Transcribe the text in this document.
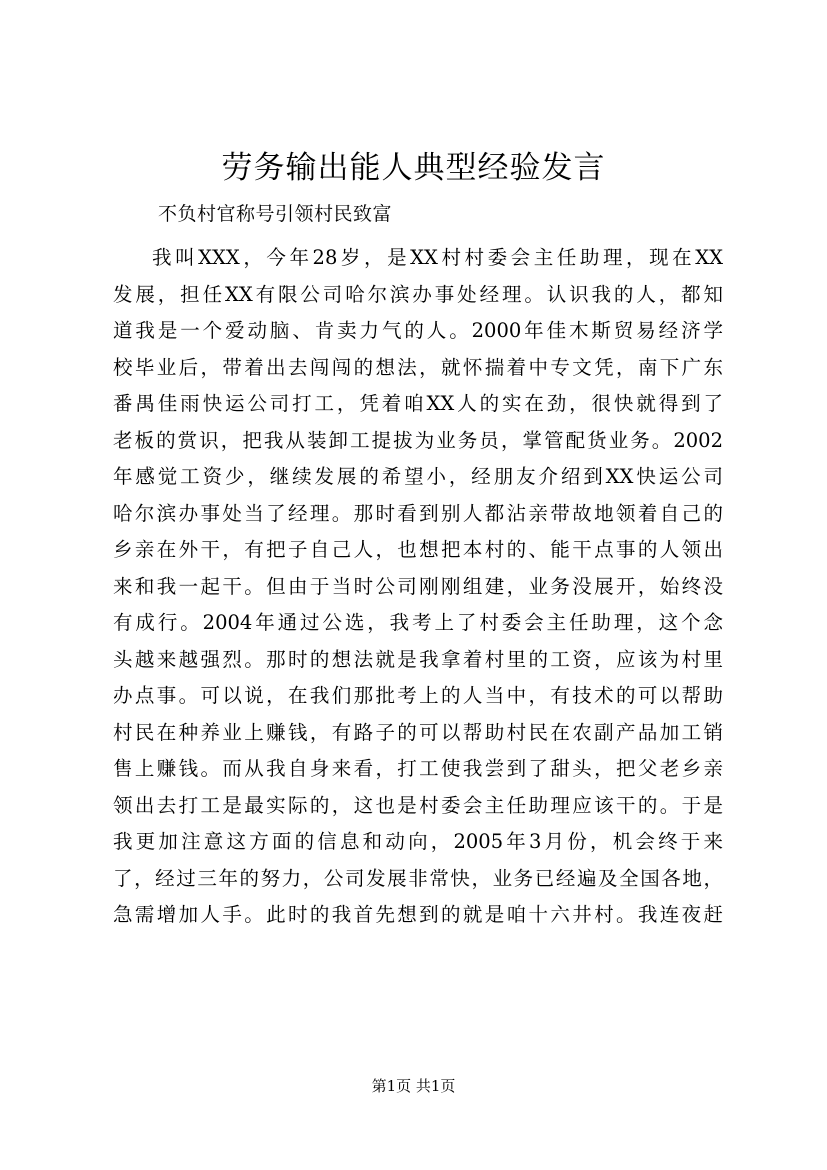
劳务输出能人典型经验发言

不负村官称号引领村民致富

我叫XXX，今年28岁，是XX村村委会主任助理，现在XX
发展，担任XX有限公司哈尔滨办事处经理。认识我的人，都知
道我是一个爱动脑、肯卖力气的人。2000年佳木斯贸易经济学
校毕业后，带着出去闯闯的想法，就怀揣着中专文凭，南下广东
番禺佳雨快运公司打工，凭着咱XX人的实在劲，很快就得到了
老板的赏识，把我从装卸工提拔为业务员，掌管配货业务。2002
年感觉工资少，继续发展的希望小，经朋友介绍到XX快运公司
哈尔滨办事处当了经理。那时看到别人都沾亲带故地领着自己的
乡亲在外干，有把子自己人，也想把本村的、能干点事的人领出
来和我一起干。但由于当时公司刚刚组建，业务没展开，始终没
有成行。2004年通过公选，我考上了村委会主任助理，这个念
头越来越强烈。那时的想法就是我拿着村里的工资，应该为村里
办点事。可以说，在我们那批考上的人当中，有技术的可以帮助
村民在种养业上赚钱，有路子的可以帮助村民在农副产品加工销
售上赚钱。而从我自身来看，打工使我尝到了甜头，把父老乡亲
领出去打工是最实际的，这也是村委会主任助理应该干的。于是
我更加注意这方面的信息和动向，2005年3月份，机会终于来
了，经过三年的努力，公司发展非常快，业务已经遍及全国各地，
急需增加人手。此时的我首先想到的就是咱十六井村。我连夜赶
第1页 共1页
